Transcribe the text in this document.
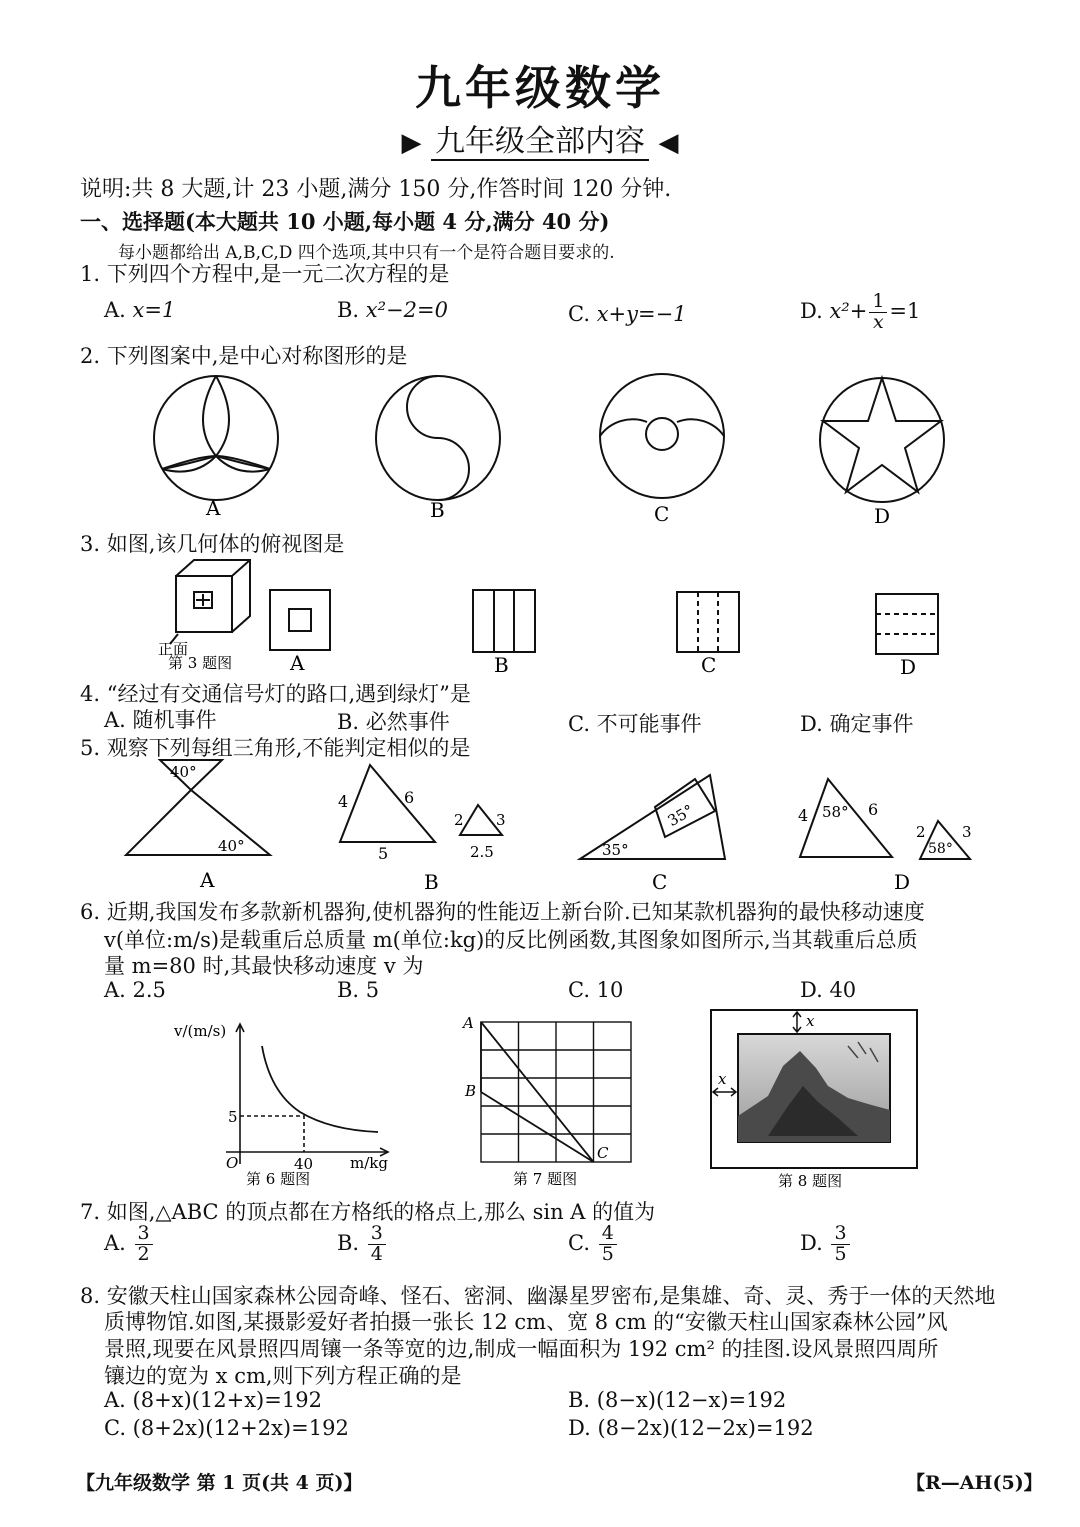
九年级数学
▶ 九年级全部内容 ◀
说明:共 8 大题,计 23 小题,满分 150 分,作答时间 120 分钟.
一、选择题(本大题共 10 小题,每小题 4 分,满分 40 分)
每小题都给出 A,B,C,D 四个选项,其中只有一个是符合题目要求的.
1. 下列四个方程中,是一元二次方程的是
A. x=1	B. x²−2=0	C. x+y=−1	D. $x^2+ \frac{1}{x} =1$
2. 下列图案中,是中心对称图形的是
A	B	C	D
3. 如图,该几何体的俯视图是
正面
第 3 题图	A	B	C	D
4. “经过有交通信号灯的路口,遇到绿灯”是
A. 随机事件	B. 必然事件	C. 不可能事件	D. 确定事件
5. 观察下列每组三角形,不能判定相似的是
40°
40°
4	6
5
2 3
2.5	35°
35°	4 58° 6
2
58°
3
A	B	C	D
6. 近期,我国发布多款新机器狗,使机器狗的性能迈上新台阶.已知某款机器狗的最快移动速度
v(单位:m/s)是载重后总质量 m(单位:kg)的反比例函数,其图象如图所示,当其载重后总质
量 m=80 时,其最快移动速度 v 为
A. 2.5	B. 5	C. 10	D. 40
v/(m/s)
m/kg
O
5
40
第 6 题图
A
B
C
第 7 题图
x
x
第 8 题图
7. 如图,△ABC 的顶点都在方格纸的格点上,那么 sin A 的值为
A. $\frac{3}{2}$	B. $\frac{3}{4}$	C. $\frac{4}{5}$	D. $\frac{3}{5}$
8. 安徽天柱山国家森林公园奇峰、怪石、密洞、幽瀑星罗密布,是集雄、奇、灵、秀于一体的天然地
质博物馆.如图,某摄影爱好者拍摄一张长 12 cm、宽 8 cm 的“安徽天柱山国家森林公园”风
景照,现要在风景照四周镶一条等宽的边,制成一幅面积为 192 cm² 的挂图.设风景照四周所
镶边的宽为 x cm,则下列方程正确的是
A. (8+x)(12+x)=192	B. (8−x)(12−x)=192
C. (8+2x)(12+2x)=192	D. (8−2x)(12−2x)=192
【九年级数学 第 1 页(共 4 页)】	【R—AH(5)】
